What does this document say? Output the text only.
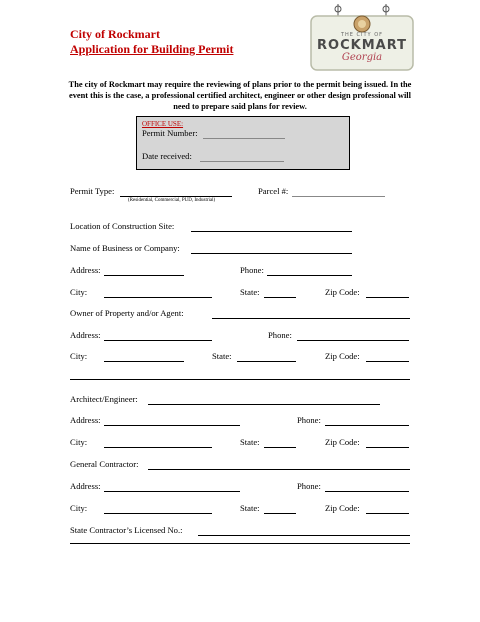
City of Rockmart
Application for Building Permit
THE CITY OF
ROCKMART
Georgia
The city of Rockmart may require the reviewing of plans prior to the permit being issued. In the event this is the case, a professional certified architect, engineer or other design professional will need to prepare said plans for review.
OFFICE USE:
Permit Number:
Date received:
Permit Type:
(Residential, Commercial, PUD, Industrial)
Parcel #:
Location of Construction Site:
Name of Business or Company:
Address:	Phone:
City:	State:	Zip Code:
Owner of Property and/or Agent:
Address:	Phone:
City:	State:	Zip Code:
Architect/Engineer:
Address:	Phone:
City:	State:	Zip Code:
General Contractor:
Address:	Phone:
City:	State:	Zip Code:
State Contractor’s Licensed No.:
